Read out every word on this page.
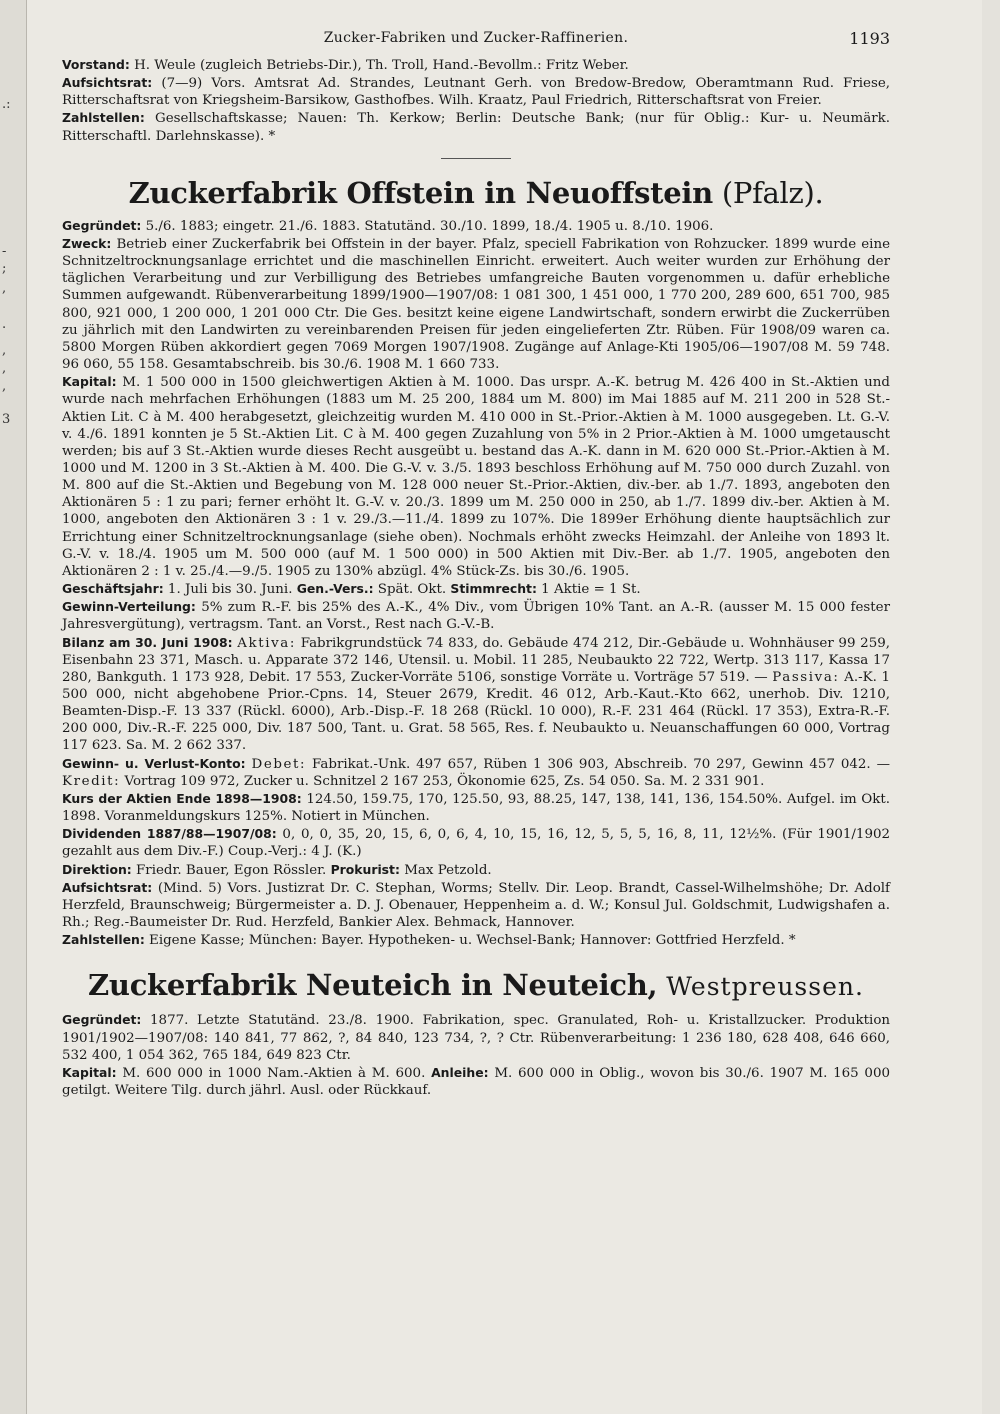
.:
-
;
,
.
,
,
,
3
Zucker-Fabriken und Zucker-Raffinerien.	1193

Vorstand: H. Weule (zugleich Betriebs-Dir.), Th. Troll, Hand.-Bevollm.: Fritz Weber.

Aufsichtsrat: (7—9) Vors. Amtsrat Ad. Strandes, Leutnant Gerh. von Bredow-Bredow, Oberamtmann Rud. Friese, Ritterschaftsrat von Kriegsheim-Barsikow, Gasthofbes. Wilh. Kraatz, Paul Friedrich, Ritterschaftsrat von Freier.

Zahlstellen: Gesellschaftskasse; Nauen: Th. Kerkow; Berlin: Deutsche Bank; (nur für Oblig.: Kur- u. Neumärk. Ritterschaftl. Darlehnskasse). *

Zuckerfabrik Offstein in Neuoffstein (Pfalz).

Gegründet: 5./6. 1883; eingetr. 21./6. 1883. Statutänd. 30./10. 1899, 18./4. 1905 u. 8./10. 1906.

Zweck: Betrieb einer Zuckerfabrik bei Offstein in der bayer. Pfalz, speciell Fabrikation von Rohzucker. 1899 wurde eine Schnitzeltrocknungsanlage errichtet und die maschinellen Einricht. erweitert. Auch weiter wurden zur Erhöhung der täglichen Verarbeitung und zur Verbilligung des Betriebes umfangreiche Bauten vorgenommen u. dafür erhebliche Summen aufgewandt. Rübenverarbeitung 1899/1900—1907/08: 1 081 300, 1 451 000, 1 770 200, 289 600, 651 700, 985 800, 921 000, 1 200 000, 1 201 000 Ctr. Die Ges. besitzt keine eigene Landwirtschaft, sondern erwirbt die Zuckerrüben zu jährlich mit den Landwirten zu vereinbarenden Preisen für jeden eingelieferten Ztr. Rüben. Für 1908/09 waren ca. 5800 Morgen Rüben akkordiert gegen 7069 Morgen 1907/1908. Zugänge auf Anlage-Kti 1905/06—1907/08 M. 59 748. 96 060, 55 158. Gesamtabschreib. bis 30./6. 1908 M. 1 660 733.

Kapital: M. 1 500 000 in 1500 gleichwertigen Aktien à M. 1000. Das urspr. A.-K. betrug M. 426 400 in St.-Aktien und wurde nach mehrfachen Erhöhungen (1883 um M. 25 200, 1884 um M. 800) im Mai 1885 auf M. 211 200 in 528 St.-Aktien Lit. C à M. 400 herabgesetzt, gleichzeitig wurden M. 410 000 in St.-Prior.-Aktien à M. 1000 ausgegeben. Lt. G.-V. v. 4./6. 1891 konnten je 5 St.-Aktien Lit. C à M. 400 gegen Zuzahlung von 5% in 2 Prior.-Aktien à M. 1000 umgetauscht werden; bis auf 3 St.-Aktien wurde dieses Recht ausgeübt u. bestand das A.-K. dann in M. 620 000 St.-Prior.-Aktien à M. 1000 und M. 1200 in 3 St.-Aktien à M. 400. Die G.-V. v. 3./5. 1893 beschloss Erhöhung auf M. 750 000 durch Zuzahl. von M. 800 auf die St.-Aktien und Begebung von M. 128 000 neuer St.-Prior.-Aktien, div.-ber. ab 1./7. 1893, angeboten den Aktionären 5 : 1 zu pari; ferner erhöht lt. G.-V. v. 20./3. 1899 um M. 250 000 in 250, ab 1./7. 1899 div.-ber. Aktien à M. 1000, angeboten den Aktionären 3 : 1 v. 29./3.—11./4. 1899 zu 107%. Die 1899er Erhöhung diente hauptsächlich zur Errichtung einer Schnitzeltrocknungsanlage (siehe oben). Nochmals erhöht zwecks Heimzahl. der Anleihe von 1893 lt. G.-V. v. 18./4. 1905 um M. 500 000 (auf M. 1 500 000) in 500 Aktien mit Div.-Ber. ab 1./7. 1905, angeboten den Aktionären 2 : 1 v. 25./4.—9./5. 1905 zu 130% abzügl. 4% Stück-Zs. bis 30./6. 1905.

Geschäftsjahr: 1. Juli bis 30. Juni. Gen.-Vers.: Spät. Okt. Stimmrecht: 1 Aktie = 1 St.

Gewinn-Verteilung: 5% zum R.-F. bis 25% des A.-K., 4% Div., vom Übrigen 10% Tant. an A.-R. (ausser M. 15 000 fester Jahresvergütung), vertragsm. Tant. an Vorst., Rest nach G.-V.-B.

Bilanz am 30. Juni 1908: Aktiva: Fabrikgrundstück 74 833, do. Gebäude 474 212, Dir.-Gebäude u. Wohnhäuser 99 259, Eisenbahn 23 371, Masch. u. Apparate 372 146, Utensil. u. Mobil. 11 285, Neubaukto 22 722, Wertp. 313 117, Kassa 17 280, Bankguth. 1 173 928, Debit. 17 553, Zucker-Vorräte 5106, sonstige Vorräte u. Vorträge 57 519. — Passiva: A.-K. 1 500 000, nicht abgehobene Prior.-Cpns. 14, Steuer 2679, Kredit. 46 012, Arb.-Kaut.-Kto 662, unerhob. Div. 1210, Beamten-Disp.-F. 13 337 (Rückl. 6000), Arb.-Disp.-F. 18 268 (Rückl. 10 000), R.-F. 231 464 (Rückl. 17 353), Extra-R.-F. 200 000, Div.-R.-F. 225 000, Div. 187 500, Tant. u. Grat. 58 565, Res. f. Neubaukto u. Neuanschaffungen 60 000, Vortrag 117 623. Sa. M. 2 662 337.

Gewinn- u. Verlust-Konto: Debet: Fabrikat.-Unk. 497 657, Rüben 1 306 903, Abschreib. 70 297, Gewinn 457 042. — Kredit: Vortrag 109 972, Zucker u. Schnitzel 2 167 253, Ökonomie 625, Zs. 54 050. Sa. M. 2 331 901.

Kurs der Aktien Ende 1898—1908: 124.50, 159.75, 170, 125.50, 93, 88.25, 147, 138, 141, 136, 154.50%. Aufgel. im Okt. 1898. Voranmeldungskurs 125%. Notiert in München.

Dividenden 1887/88—1907/08: 0, 0, 0, 35, 20, 15, 6, 0, 6, 4, 10, 15, 16, 12, 5, 5, 5, 16, 8, 11, 12½%. (Für 1901/1902 gezahlt aus dem Div.-F.) Coup.-Verj.: 4 J. (K.)

Direktion: Friedr. Bauer, Egon Rössler. Prokurist: Max Petzold.

Aufsichtsrat: (Mind. 5) Vors. Justizrat Dr. C. Stephan, Worms; Stellv. Dir. Leop. Brandt, Cassel-Wilhelmshöhe; Dr. Adolf Herzfeld, Braunschweig; Bürgermeister a. D. J. Obenauer, Heppenheim a. d. W.; Konsul Jul. Goldschmit, Ludwigshafen a. Rh.; Reg.-Baumeister Dr. Rud. Herzfeld, Bankier Alex. Behmack, Hannover.

Zahlstellen: Eigene Kasse; München: Bayer. Hypotheken- u. Wechsel-Bank; Hannover: Gottfried Herzfeld. *

Zuckerfabrik Neuteich in Neuteich, Westpreussen.

Gegründet: 1877. Letzte Statutänd. 23./8. 1900. Fabrikation, spec. Granulated, Roh- u. Kristallzucker. Produktion 1901/1902—1907/08: 140 841, 77 862, ?, 84 840, 123 734, ?, ? Ctr. Rübenverarbeitung: 1 236 180, 628 408, 646 660, 532 400, 1 054 362, 765 184, 649 823 Ctr.

Kapital: M. 600 000 in 1000 Nam.-Aktien à M. 600. Anleihe: M. 600 000 in Oblig., wovon bis 30./6. 1907 M. 165 000 getilgt. Weitere Tilg. durch jährl. Ausl. oder Rückkauf.
